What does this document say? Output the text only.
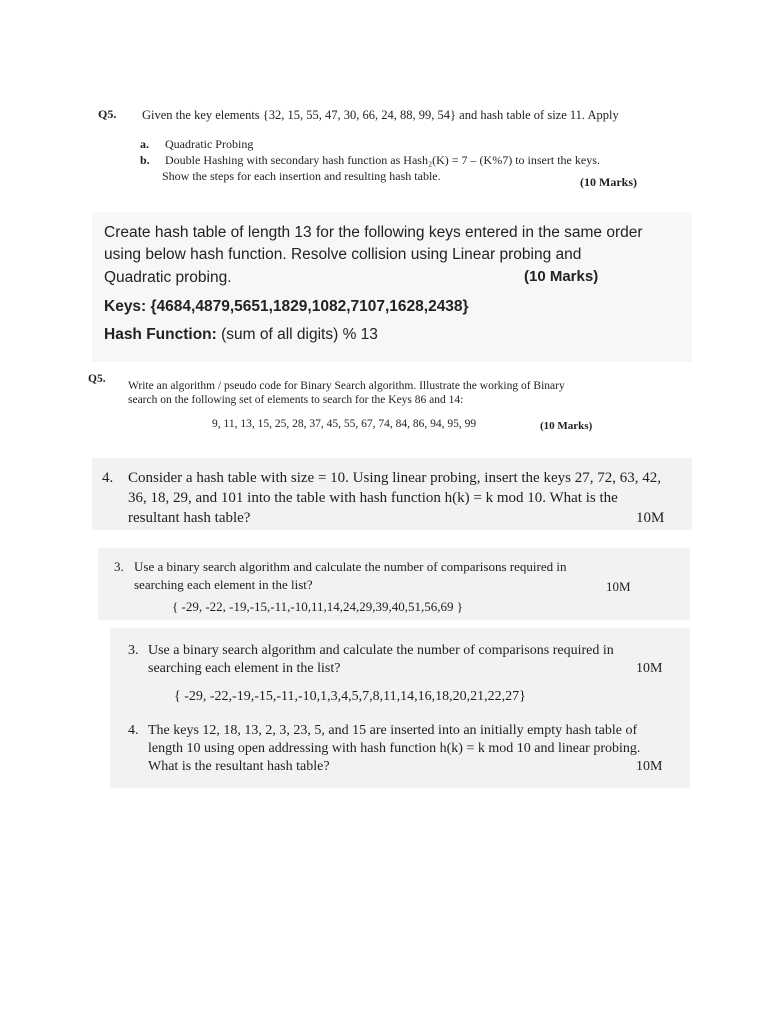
Q5. Given the key elements {32, 15, 55, 47, 30, 66, 24, 88, 99, 54} and hash table of size 11. Apply
a. Quadratic Probing
b. Double Hashing with secondary hash function as Hash₂(K) = 7 – (K%7) to insert the keys.
Show the steps for each insertion and resulting hash table.	(10 Marks)
Create hash table of length 13 for the following keys entered in the same order
using below hash function. Resolve collision using Linear probing and
Quadratic probing.	(10 Marks)
Keys: {4684,4879,5651,1829,1082,7107,1628,2438}
Hash Function: (sum of all digits) % 13
Q5.
Write an algorithm / pseudo code for Binary Search algorithm. Illustrate the working of Binary
search on the following set of elements to search for the Keys 86 and 14:
9, 11, 13, 15, 25, 28, 37, 45, 55, 67, 74, 84, 86, 94, 95, 99	(10 Marks)
4. Consider a hash table with size = 10. Using linear probing, insert the keys 27, 72, 63, 42, 36, 18, 29, and 101 into the table with hash function h(k) = k mod 10. What is the resultant hash table?	10M
3. Use a binary search algorithm and calculate the number of comparisons required in
searching each element in the list?	10M
{ -29, -22, -19,-15,-11,-10,11,14,24,29,39,40,51,56,69 }
3. Use a binary search algorithm and calculate the number of comparisons required in
searching each element in the list?	10M
{ -29, -22,-19,-15,-11,-10,1,3,4,5,7,8,11,14,16,18,20,21,22,27}
4. The keys 12, 18, 13, 2, 3, 23, 5, and 15 are inserted into an initially empty hash table of length 10 using open addressing with hash function h(k) = k mod 10 and linear probing. What is the resultant hash table?	10M
